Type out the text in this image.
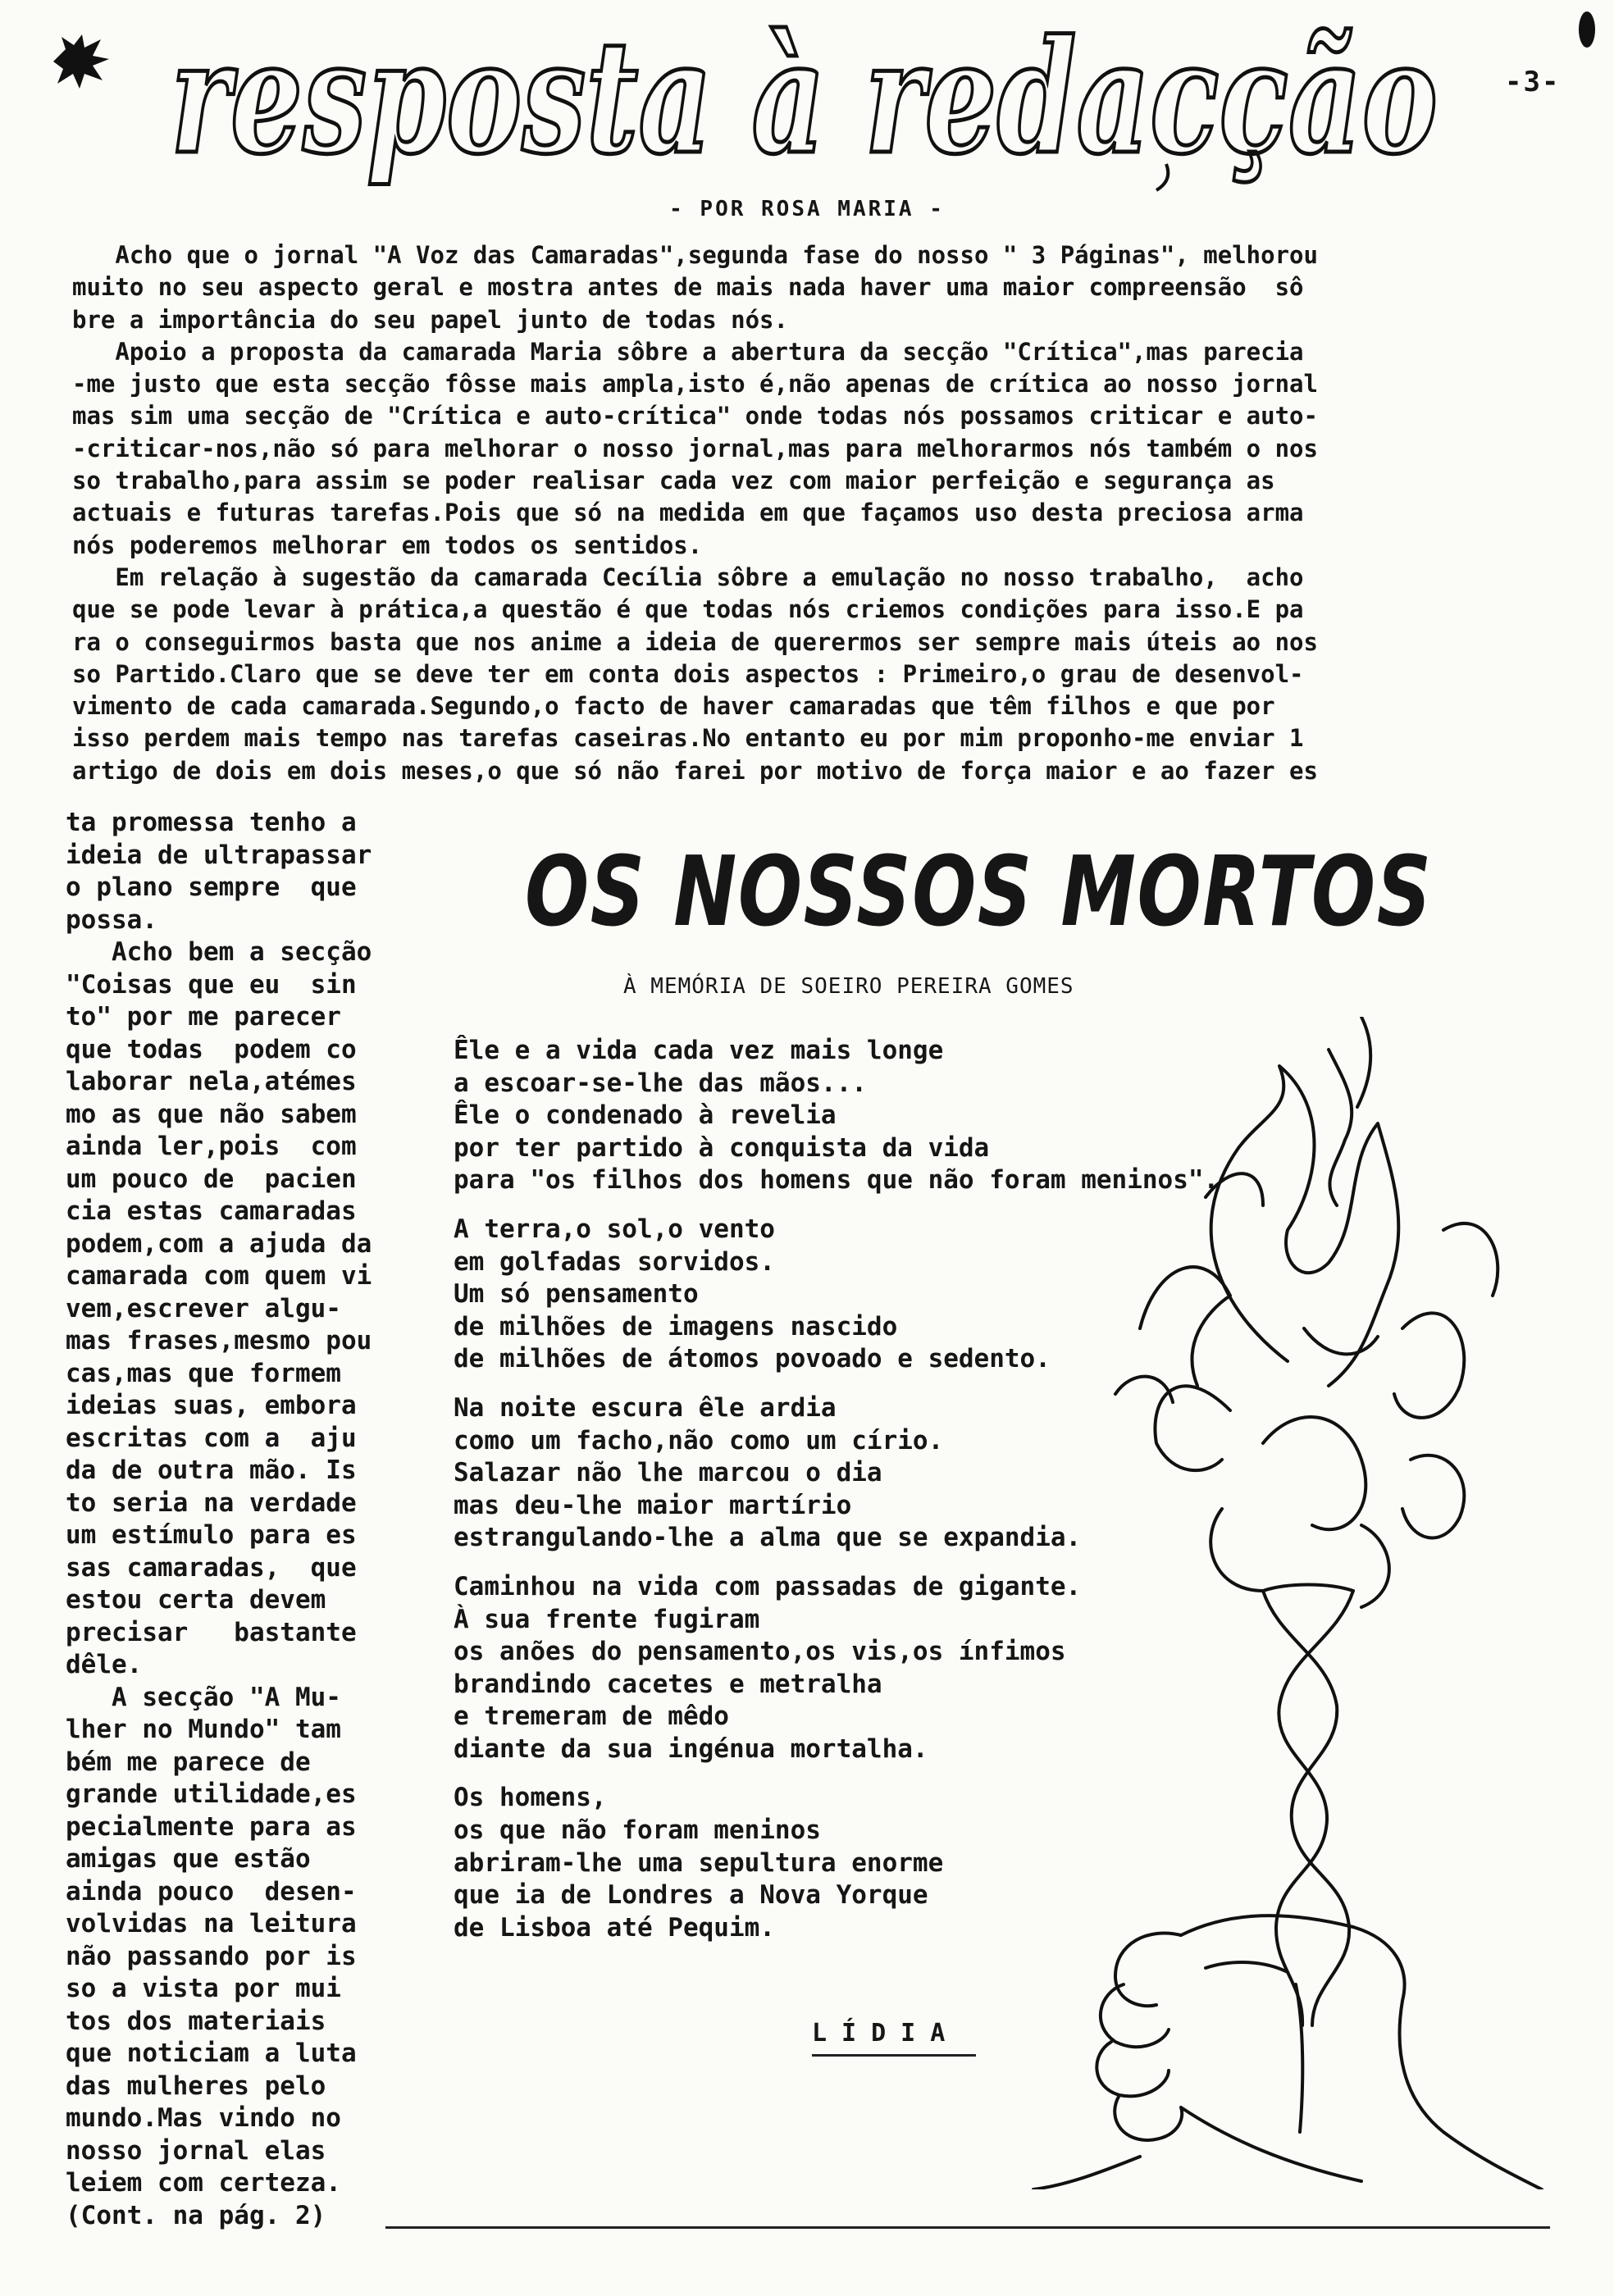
resposta à redacção -3-
- POR ROSA MARIA -
Acho que o jornal "A Voz das Camaradas",segunda fase do nosso " 3 Páginas", melhorou
muito no seu aspecto geral e mostra antes de mais nada haver uma maior compreensão  sô
bre a importância do seu papel junto de todas nós.
Apoio a proposta da camarada Maria sôbre a abertura da secção "Crítica",mas parecia
-me justo que esta secção fôsse mais ampla,isto é,não apenas de crítica ao nosso jornal
mas sim uma secção de "Crítica e auto-crítica" onde todas nós possamos criticar e auto-
-criticar-nos,não só para melhorar o nosso jornal,mas para melhorarmos nós também o nos
so trabalho,para assim se poder realisar cada vez com maior perfeição e segurança as
actuais e futuras tarefas.Pois que só na medida em que façamos uso desta preciosa arma
nós poderemos melhorar em todos os sentidos.
Em relação à sugestão da camarada Cecília sôbre a emulação no nosso trabalho,  acho
que se pode levar à prática,a questão é que todas nós criemos condições para isso.E pa
ra o conseguirmos basta que nos anime a ideia de querermos ser sempre mais úteis ao nos
so Partido.Claro que se deve ter em conta dois aspectos : Primeiro,o grau de desenvol-
vimento de cada camarada.Segundo,o facto de haver camaradas que têm filhos e que por
isso perdem mais tempo nas tarefas caseiras.No entanto eu por mim proponho-me enviar 1
artigo de dois em dois meses,o que só não farei por motivo de força maior e ao fazer es
ta promessa tenho a
ideia de ultrapassar
o plano sempre  que
possa.
Acho bem a secção
"Coisas que eu  sin
to" por me parecer
que todas  podem co
laborar nela,atémes
mo as que não sabem
ainda ler,pois  com
um pouco de  pacien
cia estas camaradas
podem,com a ajuda da
camarada com quem vi
vem,escrever algu-
mas frases,mesmo pou
cas,mas que formem
ideias suas, embora
escritas com a  aju
da de outra mão. Is
to seria na verdade
um estímulo para es
sas camaradas,  que
estou certa devem
precisar   bastante
dêle.
A secção "A Mu-
lher no Mundo" tam
bém me parece de
grande utilidade,es
pecialmente para as
amigas que estão
ainda pouco  desen-
volvidas na leitura
não passando por is
so a vista por mui
tos dos materiais
que noticiam a luta
das mulheres pelo
mundo.Mas vindo no
nosso jornal elas
leiem com certeza.
(Cont. na pág. 2)
OS NOSSOS MORTOS
À MEMÓRIA DE SOEIRO PEREIRA GOMES
Êle e a vida cada vez mais longe
a escoar-se-lhe das mãos...
Êle o condenado à revelia
por ter partido à conquista da vida
para "os filhos dos homens que não foram meninos".
A terra,o sol,o vento
em golfadas sorvidos.
Um só pensamento
de milhões de imagens nascido
de milhões de átomos povoado e sedento.
Na noite escura êle ardia
como um facho,não como um círio.
Salazar não lhe marcou o dia
mas deu-lhe maior martírio
estrangulando-lhe a alma que se expandia.
Caminhou na vida com passadas de gigante.
À sua frente fugiram
os anões do pensamento,os vis,os ínfimos
brandindo cacetes e metralha
e tremeram de mêdo
diante da sua ingénua mortalha.
Os homens,
os que não foram meninos
abriram-lhe uma sepultura enorme
que ia de Londres a Nova Yorque
de Lisboa até Pequim.
LÍDIA
